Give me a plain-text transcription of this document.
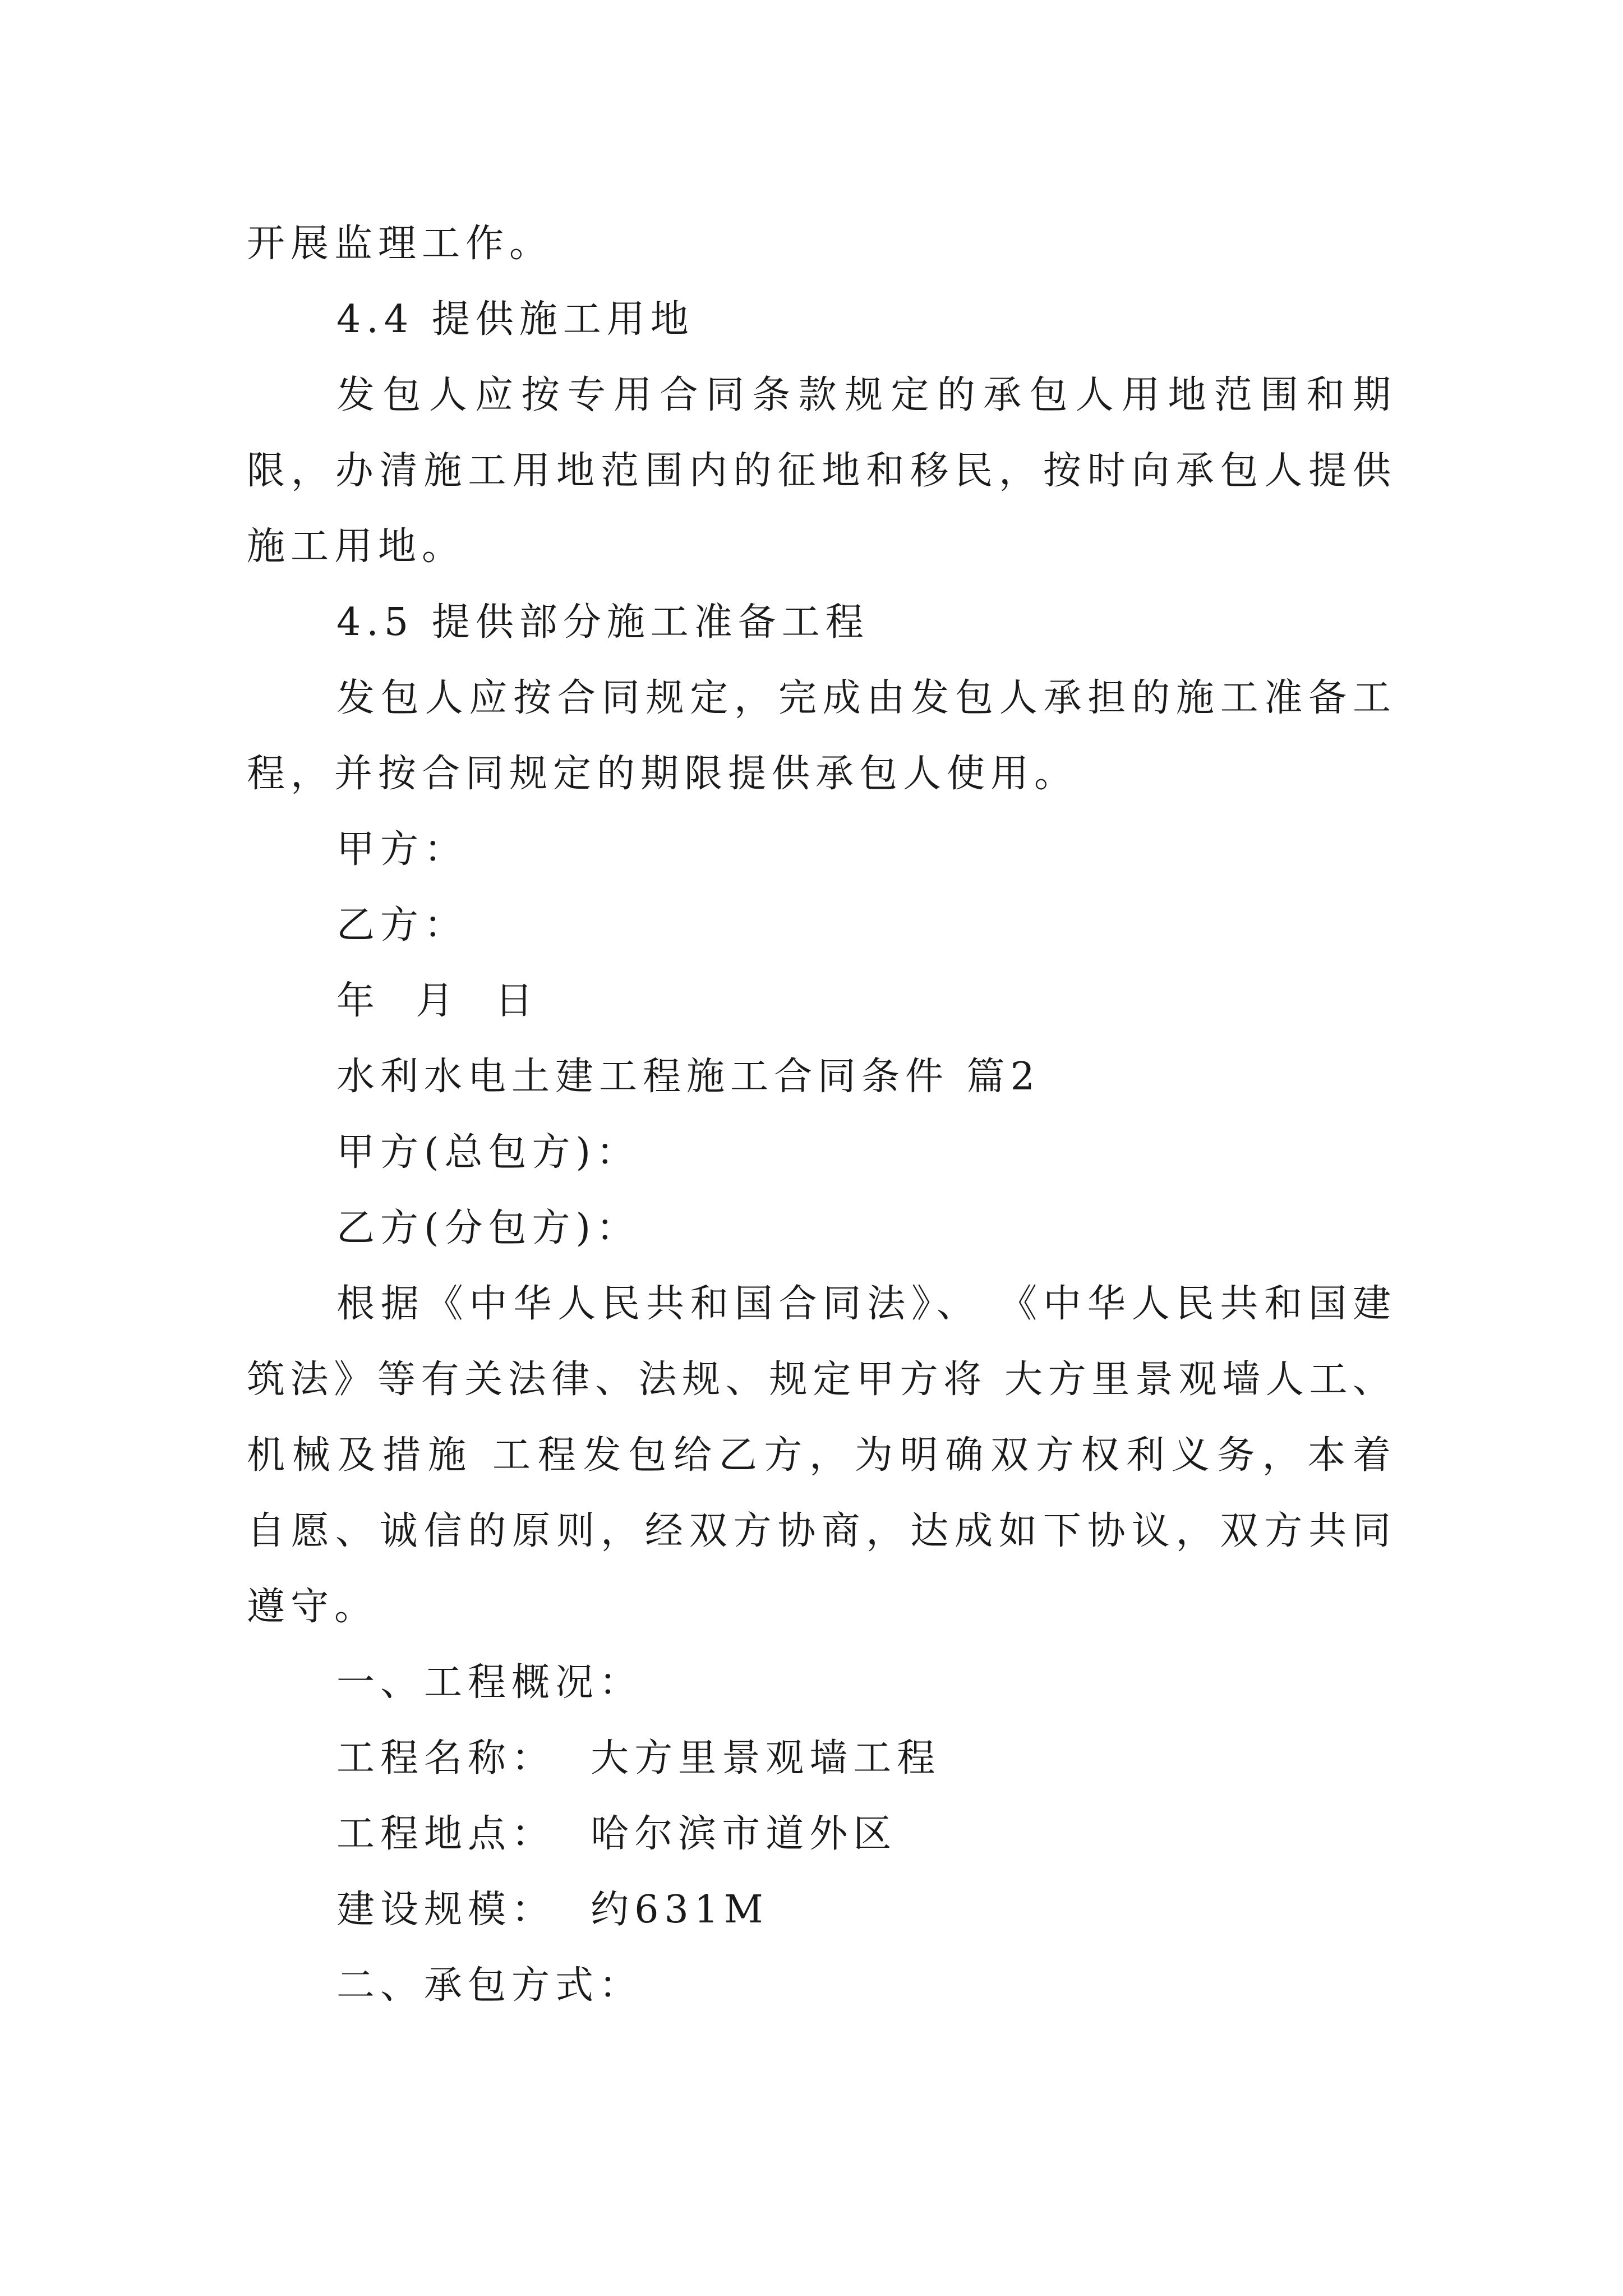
开展监理工作。
4.4 提供施工用地
发包人应按专用合同条款规定的承包人用地范围和期
限，办清施工用地范围内的征地和移民，按时向承包人提供
施工用地。
4.5 提供部分施工准备工程
发包人应按合同规定，完成由发包人承担的施工准备工
程，并按合同规定的期限提供承包人使用。
甲方：
乙方：
年  月  日
水利水电土建工程施工合同条件 篇2
甲方(总包方)：
乙方(分包方)：
根据《中华人民共和国合同法》、 《中华人民共和国建
筑法》等有关法律、法规、规定甲方将 大方里景观墙人工、
机械及措施 工程发包给乙方，为明确双方权利义务，本着
自愿、诚信的原则，经双方协商，达成如下协议，双方共同
遵守。
一、工程概况：
工程名称：  大方里景观墙工程
工程地点：  哈尔滨市道外区
建设规模：  约631M
二、承包方式：
